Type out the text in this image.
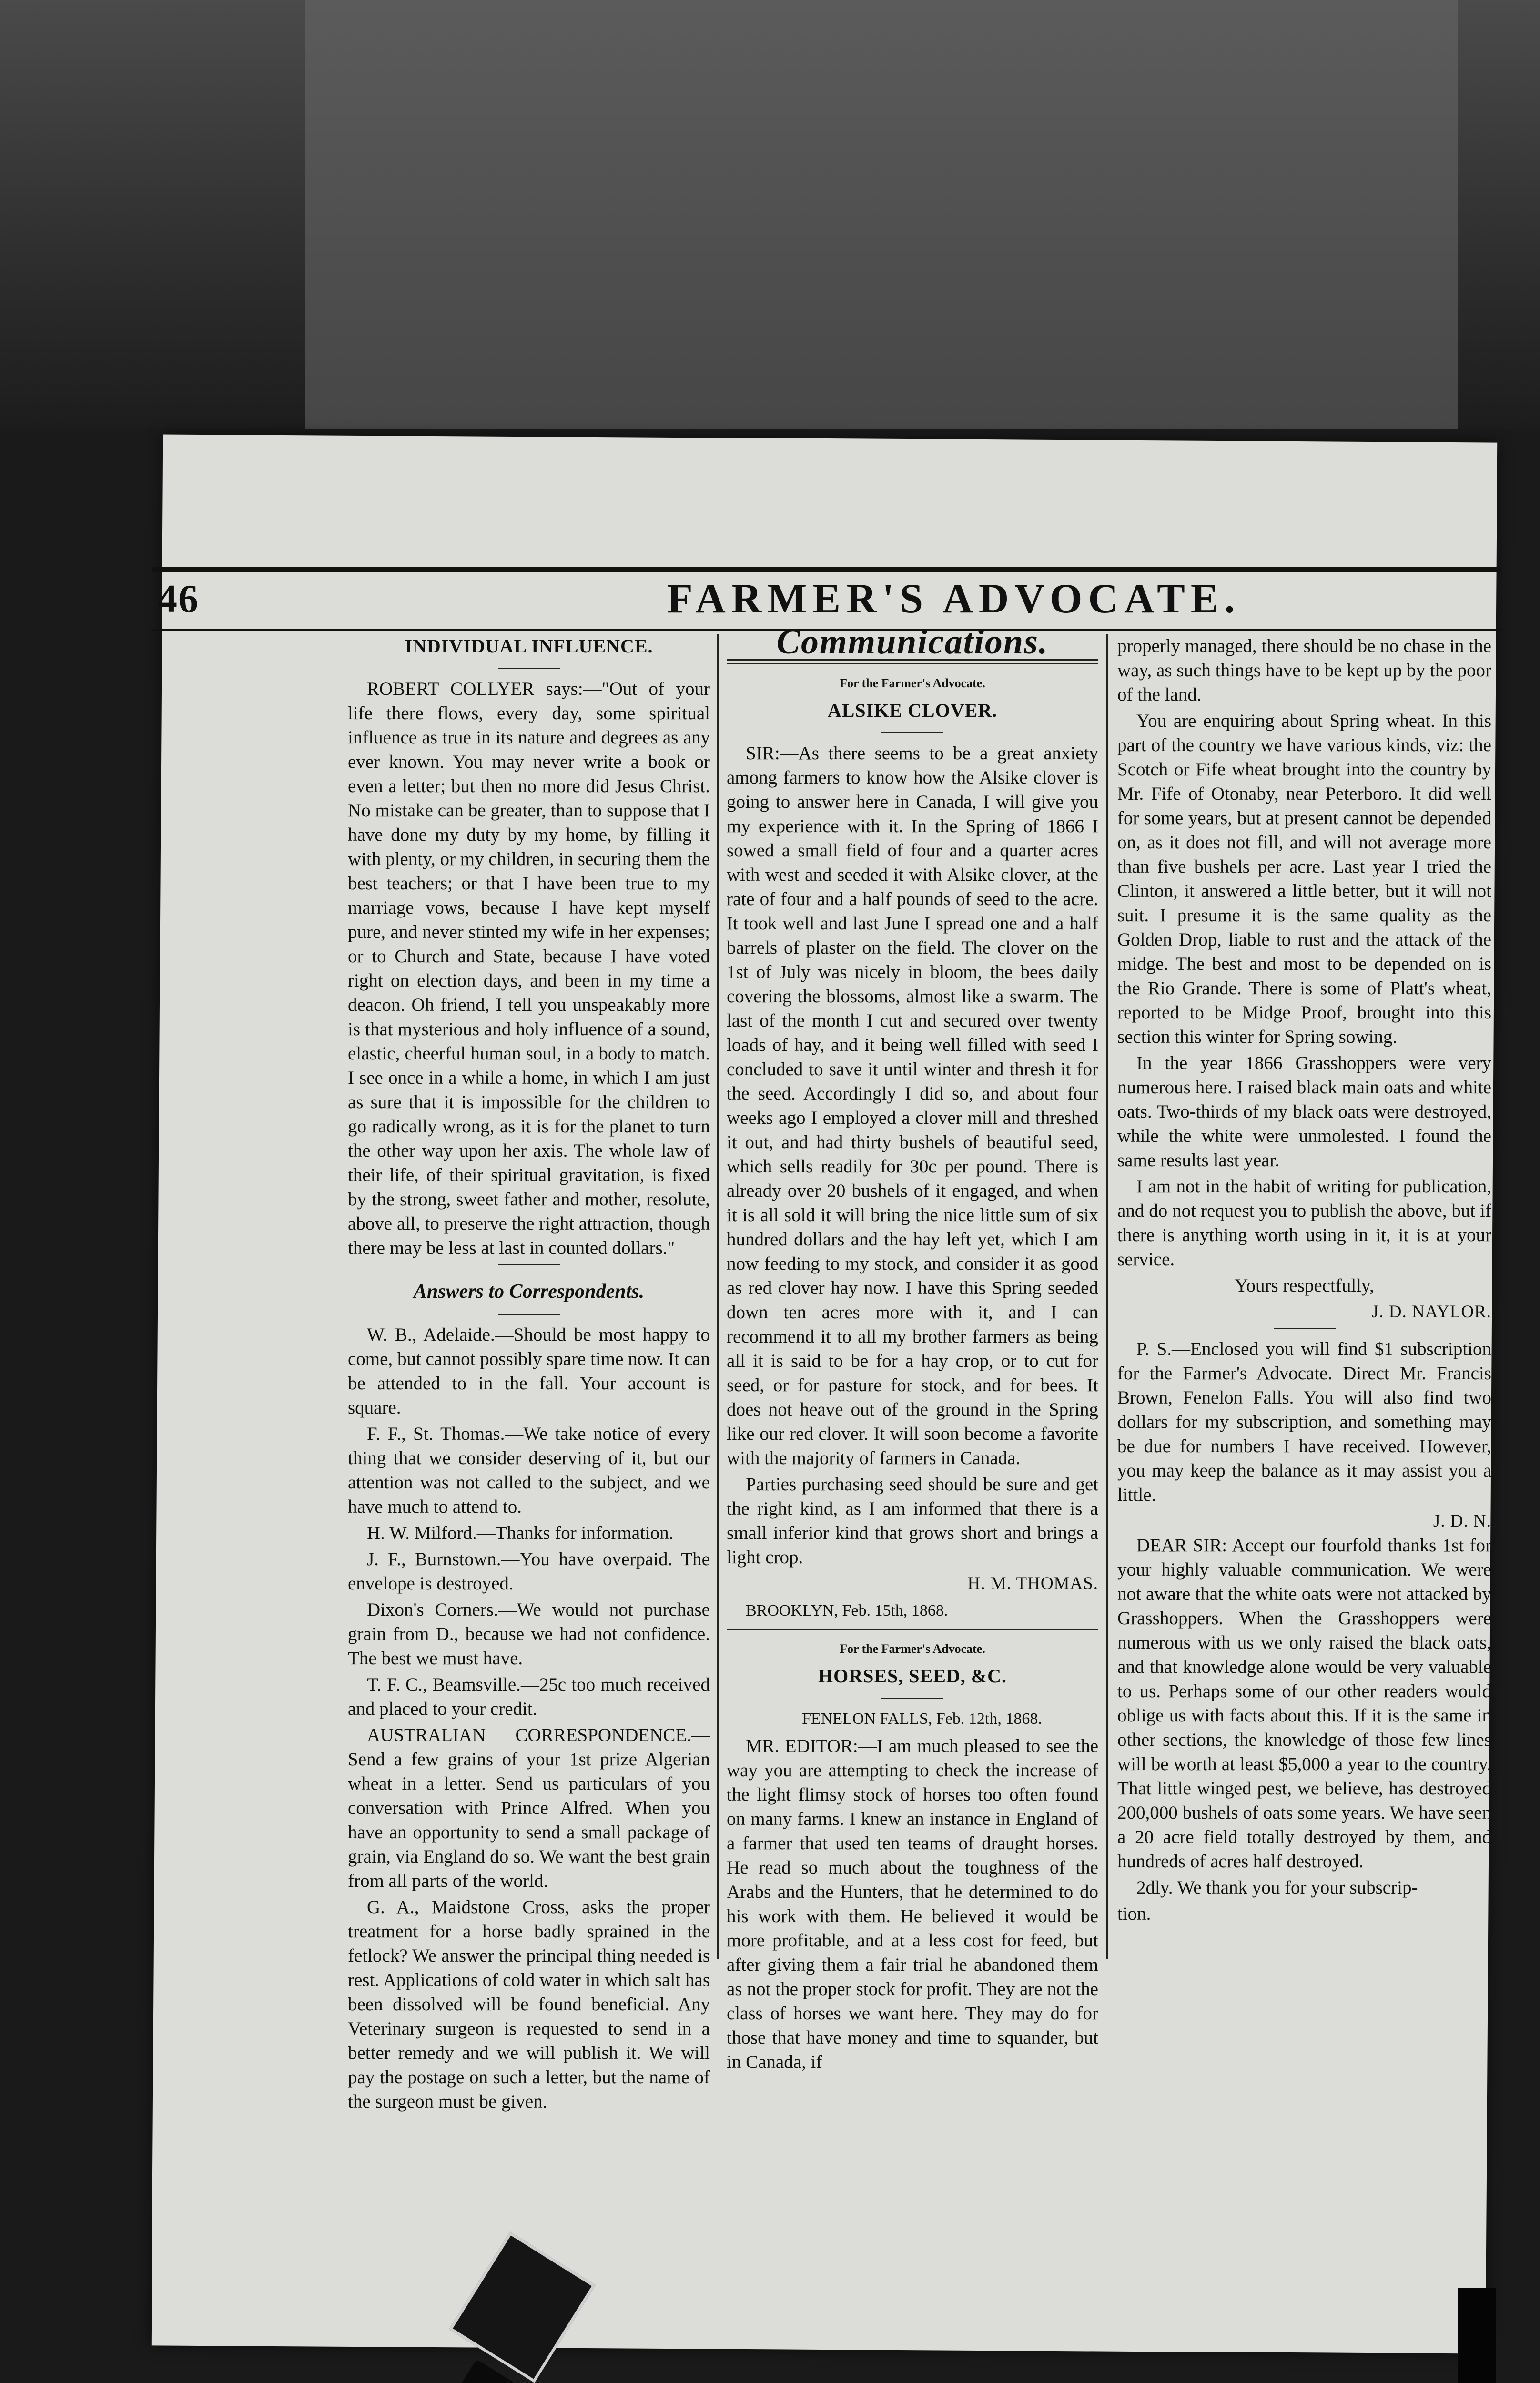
46	FARMER'S ADVOCATE.
INDIVIDUAL INFLUENCE.

ROBERT COLLYER says:—"Out of your life there flows, every day, some spiritual influence as true in its nature and degrees as any ever known. You may never write a book or even a letter; but then no more did Jesus Christ. No mistake can be greater, than to suppose that I have done my duty by my home, by filling it with plenty, or my children, in securing them the best teachers; or that I have been true to my marriage vows, because I have kept myself pure, and never stinted my wife in her expenses; or to Church and State, because I have voted right on election days, and been in my time a deacon. Oh friend, I tell you unspeakably more is that mysterious and holy influence of a sound, elastic, cheerful human soul, in a body to match. I see once in a while a home, in which I am just as sure that it is impossible for the children to go radically wrong, as it is for the planet to turn the other way upon her axis. The whole law of their life, of their spiritual gravitation, is fixed by the strong, sweet father and mother, resolute, above all, to preserve the right attraction, though there may be less at last in counted dollars."

Answers to Correspondents.

W. B., Adelaide.—Should be most happy to come, but cannot possibly spare time now. It can be attended to in the fall. Your account is square.

F. F., St. Thomas.—We take notice of every thing that we consider deserving of it, but our attention was not called to the subject, and we have much to attend to.

H. W. Milford.—Thanks for information.

J. F., Burnstown.—You have overpaid. The envelope is destroyed.

Dixon's Corners.—We would not purchase grain from D., because we had not confidence. The best we must have.

T. F. C., Beamsville.—25c too much received and placed to your credit.

AUSTRALIAN CORRESPONDENCE.—Send a few grains of your 1st prize Algerian wheat in a letter. Send us particulars of you conversation with Prince Alfred. When you have an opportunity to send a small package of grain, via England do so. We want the best grain from all parts of the world.

G. A., Maidstone Cross, asks the proper treatment for a horse badly sprained in the fetlock? We answer the principal thing needed is rest. Applications of cold water in which salt has been dissolved will be found beneficial. Any Veterinary surgeon is requested to send in a better remedy and we will publish it. We will pay the postage on such a letter, but the name of the surgeon must be given.

Communications.
For the Farmer's Advocate.
ALSIKE CLOVER.

SIR:—As there seems to be a great anxiety among farmers to know how the Alsike clover is going to answer here in Canada, I will give you my experience with it. In the Spring of 1866 I sowed a small field of four and a quarter acres with west and seeded it with Alsike clover, at the rate of four and a half pounds of seed to the acre. It took well and last June I spread one and a half barrels of plaster on the field. The clover on the 1st of July was nicely in bloom, the bees daily covering the blossoms, almost like a swarm. The last of the month I cut and secured over twenty loads of hay, and it being well filled with seed I concluded to save it until winter and thresh it for the seed. Accordingly I did so, and about four weeks ago I employed a clover mill and threshed it out, and had thirty bushels of beautiful seed, which sells readily for 30c per pound. There is already over 20 bushels of it engaged, and when it is all sold it will bring the nice little sum of six hundred dollars and the hay left yet, which I am now feeding to my stock, and consider it as good as red clover hay now. I have this Spring seeded down ten acres more with it, and I can recommend it to all my brother farmers as being all it is said to be for a hay crop, or to cut for seed, or for pasture for stock, and for bees. It does not heave out of the ground in the Spring like our red clover. It will soon become a favorite with the majority of farmers in Canada.

Parties purchasing seed should be sure and get the right kind, as I am informed that there is a small inferior kind that grows short and brings a light crop.

H. M. THOMAS.
BROOKLYN, Feb. 15th, 1868.
For the Farmer's Advocate.
HORSES, SEED, &C.
FENELON FALLS, Feb. 12th, 1868.

MR. EDITOR:—I am much pleased to see the way you are attempting to check the increase of the light flimsy stock of horses too often found on many farms. I knew an instance in England of a farmer that used ten teams of draught horses. He read so much about the toughness of the Arabs and the Hunters, that he determined to do his work with them. He believed it would be more profitable, and at a less cost for feed, but after giving them a fair trial he abandoned them as not the proper stock for profit. They are not the class of horses we want here. They may do for those that have money and time to squander, but in Canada, if

properly managed, there should be no chase in the way, as such things have to be kept up by the poor of the land.

You are enquiring about Spring wheat. In this part of the country we have various kinds, viz: the Scotch or Fife wheat brought into the country by Mr. Fife of Otonaby, near Peterboro. It did well for some years, but at present cannot be depended on, as it does not fill, and will not average more than five bushels per acre. Last year I tried the Clinton, it answered a little better, but it will not suit. I presume it is the same quality as the Golden Drop, liable to rust and the attack of the midge. The best and most to be depended on is the Rio Grande. There is some of Platt's wheat, reported to be Midge Proof, brought into this section this winter for Spring sowing.

In the year 1866 Grasshoppers were very numerous here. I raised black main oats and white oats. Two-thirds of my black oats were destroyed, while the white were unmolested. I found the same results last year.

I am not in the habit of writing for publication, and do not request you to publish the above, but if there is anything worth using in it, it is at your service.

Yours respectfully,
J. D. NAYLOR.

P. S.—Enclosed you will find $1 subscription for the Farmer's Advocate. Direct Mr. Francis Brown, Fenelon Falls. You will also find two dollars for my subscription, and something may be due for numbers I have received. However, you may keep the balance as it may assist you a little.

J. D. N.

DEAR SIR: Accept our fourfold thanks 1st for your highly valuable communication. We were not aware that the white oats were not attacked by Grasshoppers. When the Grasshoppers were numerous with us we only raised the black oats, and that knowledge alone would be very valuable to us. Perhaps some of our other readers would oblige us with facts about this. If it is the same in other sections, the knowledge of those few lines will be worth at least $5,000 a year to the country. That little winged pest, we believe, has destroyed 200,000 bushels of oats some years. We have seen a 20 acre field totally destroyed by them, and hundreds of acres half destroyed.

2dly. We thank you for your subscrip-

tion.
